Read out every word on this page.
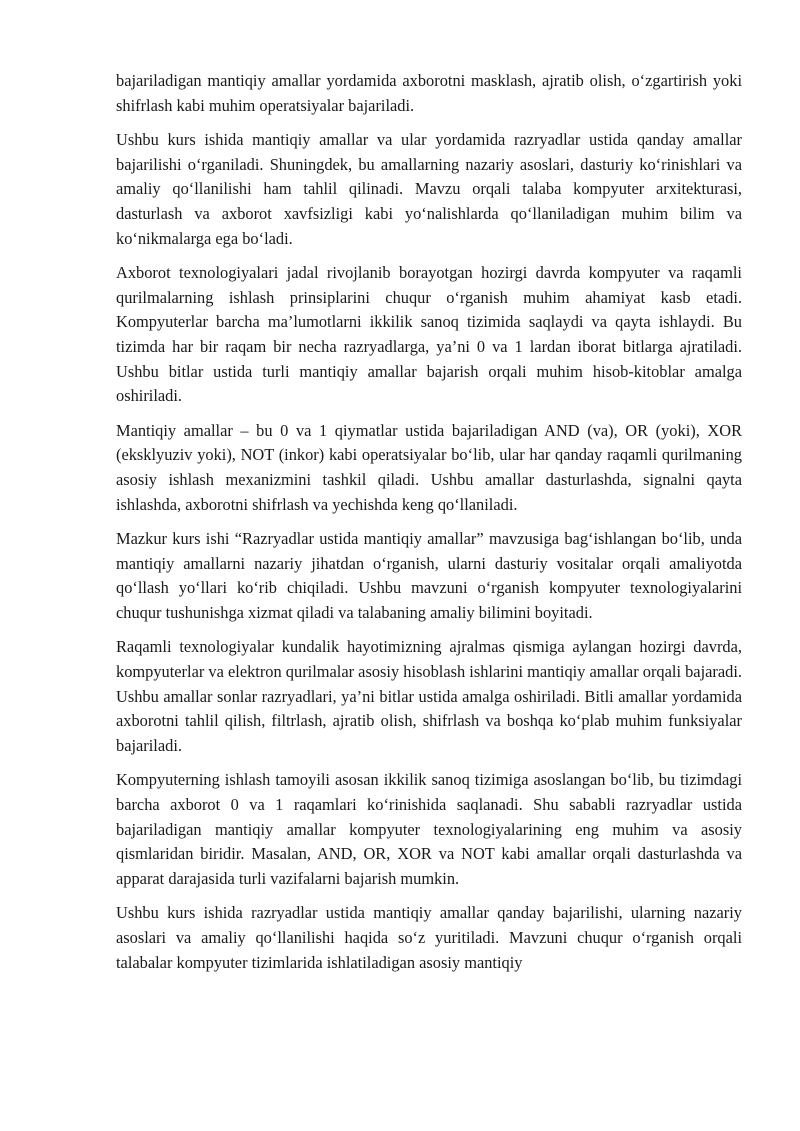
bajariladigan mantiqiy amallar yordamida axborotni masklash, ajratib olish, o‘zgartirish yoki shifrlash kabi muhim operatsiyalar bajariladi.

Ushbu kurs ishida mantiqiy amallar va ular yordamida razryadlar ustida qanday amallar bajarilishi o‘rganiladi. Shuningdek, bu amallarning nazariy asoslari, dasturiy ko‘rinishlari va amaliy qo‘llanilishi ham tahlil qilinadi. Mavzu orqali talaba kompyuter arxitekturasi, dasturlash va axborot xavfsizligi kabi yo‘nalishlarda qo‘llaniladigan muhim bilim va ko‘nikmalarga ega bo‘ladi.

Axborot texnologiyalari jadal rivojlanib borayotgan hozirgi davrda kompyuter va raqamli qurilmalarning ishlash prinsiplarini chuqur o‘rganish muhim ahamiyat kasb etadi. Kompyuterlar barcha ma’lumotlarni ikkilik sanoq tizimida saqlaydi va qayta ishlaydi. Bu tizimda har bir raqam bir necha razryadlarga, ya’ni 0 va 1 lardan iborat bitlarga ajratiladi. Ushbu bitlar ustida turli mantiqiy amallar bajarish orqali muhim hisob-kitoblar amalga oshiriladi.

Mantiqiy amallar – bu 0 va 1 qiymatlar ustida bajariladigan AND (va), OR (yoki), XOR (eksklyuziv yoki), NOT (inkor) kabi operatsiyalar bo‘lib, ular har qanday raqamli qurilmaning asosiy ishlash mexanizmini tashkil qiladi. Ushbu amallar dasturlashda, signalni qayta ishlashda, axborotni shifrlash va yechishda keng qo‘llaniladi.

Mazkur kurs ishi “Razryadlar ustida mantiqiy amallar” mavzusiga bag‘ishlangan bo‘lib, unda mantiqiy amallarni nazariy jihatdan o‘rganish, ularni dasturiy vositalar orqali amaliyotda qo‘llash yo‘llari ko‘rib chiqiladi. Ushbu mavzuni o‘rganish kompyuter texnologiyalarini chuqur tushunishga xizmat qiladi va talabaning amaliy bilimini boyitadi.

Raqamli texnologiyalar kundalik hayotimizning ajralmas qismiga aylangan hozirgi davrda, kompyuterlar va elektron qurilmalar asosiy hisoblash ishlarini mantiqiy amallar orqali bajaradi. Ushbu amallar sonlar razryadlari, ya’ni bitlar ustida amalga oshiriladi. Bitli amallar yordamida axborotni tahlil qilish, filtrlash, ajratib olish, shifrlash va boshqa ko‘plab muhim funksiyalar bajariladi.

Kompyuterning ishlash tamoyili asosan ikkilik sanoq tizimiga asoslangan bo‘lib, bu tizimdagi barcha axborot 0 va 1 raqamlari ko‘rinishida saqlanadi. Shu sababli razryadlar ustida bajariladigan mantiqiy amallar kompyuter texnologiyalarining eng muhim va asosiy qismlaridan biridir. Masalan, AND, OR, XOR va NOT kabi amallar orqali dasturlashda va apparat darajasida turli vazifalarni bajarish mumkin.

Ushbu kurs ishida razryadlar ustida mantiqiy amallar qanday bajarilishi, ularning nazariy asoslari va amaliy qo‘llanilishi haqida so‘z yuritiladi. Mavzuni chuqur o‘rganish orqali talabalar kompyuter tizimlarida ishlatiladigan asosiy mantiqiy
